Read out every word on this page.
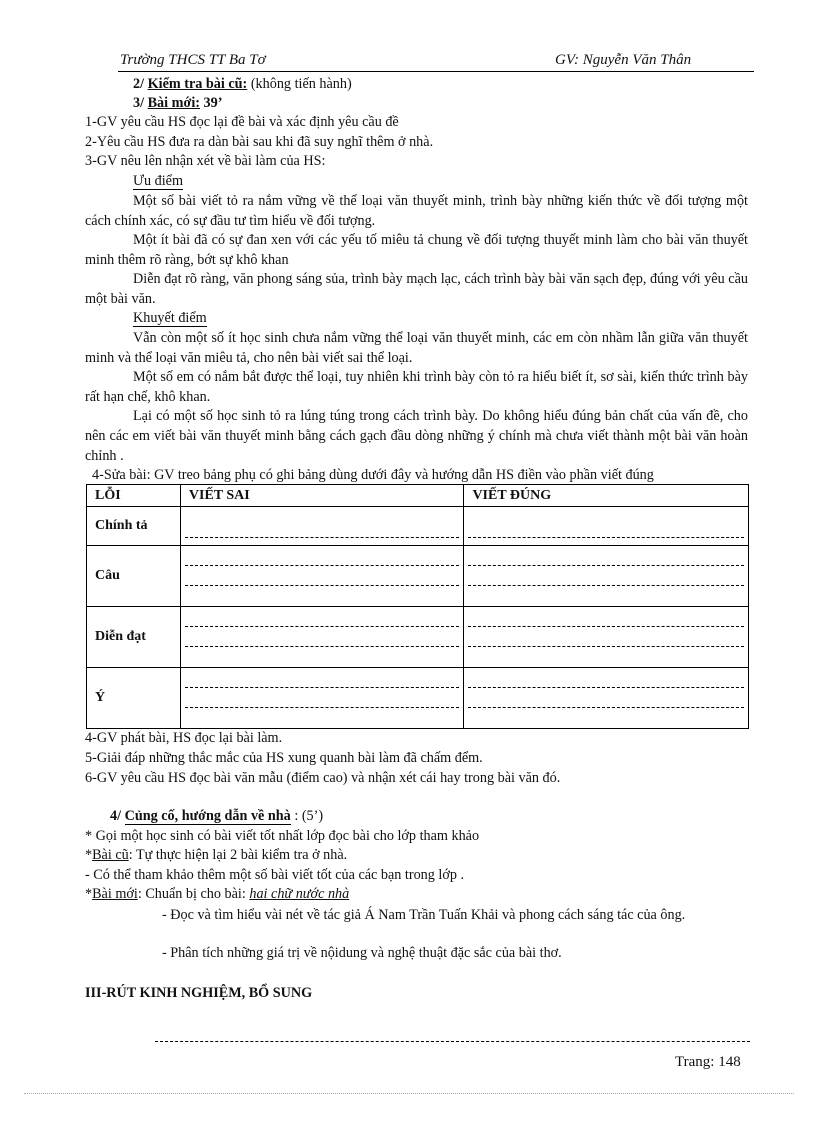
Trường THCS TT Ba Tơ	GV: Nguyễn Văn Thân
2/ Kiểm tra bài cũ: (không tiến hành)
3/ Bài mới: 39’
1-GV yêu cầu HS đọc lại đề bài và xác định yêu cầu đề
2-Yêu cầu HS đưa ra dàn bài sau khi đã suy nghĩ thêm ở nhà.
3-GV nêu lên nhận xét về bài làm của HS:
Ưu điểm

Một số bài viết tỏ ra nắm vững về thể loại văn thuyết minh, trình bày những kiến thức về đối tượng một cách chính xác, có sự đầu tư tìm hiểu về đối tượng.

Một ít bài đã có sự đan xen với các yếu tố miêu tả chung về đối tượng thuyết minh làm cho bài văn thuyết minh thêm rõ ràng, bớt sự khô khan

Diễn đạt rõ ràng, văn phong sáng sủa, trình bày mạch lạc, cách trình bày bài văn sạch đẹp, đúng với yêu cầu một bài văn.

Khuyết điểm

Vẫn còn một số ít học sinh chưa nắm vững thể loại văn thuyết minh, các em còn nhầm lẫn giữa văn thuyết minh và thể loại văn miêu tả, cho nên bài viết sai thể loại.

Một số em có nắm bắt được thể loại, tuy nhiên khi trình bày còn tỏ ra hiểu biết ít, sơ sài, kiến thức trình bày rất hạn chế, khô khan.

Lại có một số học sinh tỏ ra lúng túng trong cách trình bày. Do không hiểu đúng bản chất của vấn đề, cho nên các em viết bài văn thuyết minh bằng cách gạch đầu dòng những ý chính mà chưa viết thành một bài văn hoàn chỉnh .

4-Sửa bài: GV treo bảng phụ có ghi bảng dùng dưới đây và hướng dẫn HS điền vào phần viết đúng
LỖI	VIẾT SAI	VIẾT ĐÚNG
Chính tả	

Câu	

Diễn đạt	

Ý	

4-GV phát bài, HS đọc lại bài làm.
5-Giải đáp những thắc mắc của HS xung quanh bài làm đã chấm đểm.
6-GV yêu cầu HS đọc bài văn mẫu (điểm cao) và nhận xét cái hay trong bài văn đó.
4/ Củng cố, hướng dẫn về nhà : (5’)
* Gọi một học sinh có bài viết tốt nhất lớp đọc bài cho lớp tham khảo
*Bài cũ: Tự thực hiện lại 2 bài kiểm tra ở nhà.
- Có thể tham khảo thêm một số bài viết tốt của các bạn trong lớp .
*Bài mới: Chuẩn bị cho bài: hai chữ nước nhà

- Đọc và tìm hiểu vài nét về tác giả Á Nam Trần Tuấn Khải và phong cách sáng tác của ông.

- Phân tích những giá trị về nộidung và nghệ thuật đặc sắc của bài thơ.
III-RÚT KINH NGHIỆM, BỔ SUNG
Trang: 148
